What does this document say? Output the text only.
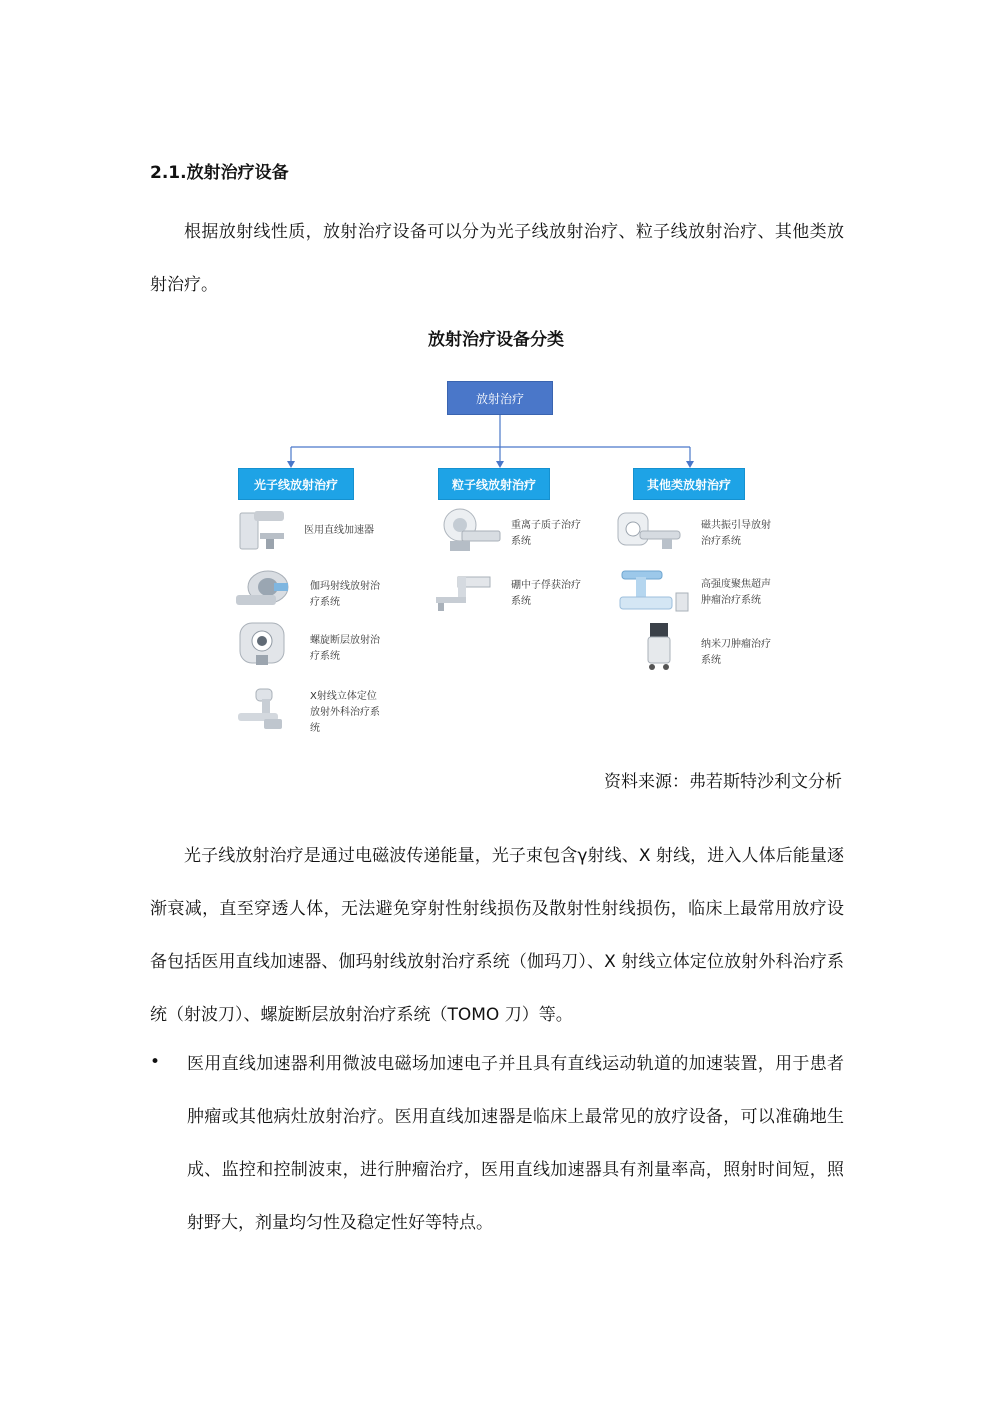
2.1.放射治疗设备

根据放射线性质，放射治疗设备可以分为光子线放射治疗、粒子线放射治疗、其他类放射治疗。

放射治疗设备分类
放射治疗
光子线放射治疗	粒子线放射治疗	其他类放射治疗
医用直线加速器
伽玛射线放射治疗系统
螺旋断层放射治疗系统
X射线立体定位放射外科治疗系统
重离子质子治疗系统
硼中子俘获治疗系统
磁共振引导放射治疗系统
高强度聚焦超声肿瘤治疗系统
纳米刀肿瘤治疗系统
资料来源：弗若斯特沙利文分析

光子线放射治疗是通过电磁波传递能量，光子束包含γ射线、X 射线，进入人体后能量逐渐衰减，直至穿透人体，无法避免穿射性射线损伤及散射性射线损伤，临床上最常用放疗设备包括医用直线加速器、伽玛射线放射治疗系统（伽玛刀）、X 射线立体定位放射外科治疗系统（射波刀）、螺旋断层放射治疗系统（TOMO 刀）等。

• 医用直线加速器利用微波电磁场加速电子并且具有直线运动轨道的加速装置，用于患者肿瘤或其他病灶放射治疗。医用直线加速器是临床上最常见的放疗设备，可以准确地生成、监控和控制波束，进行肿瘤治疗，医用直线加速器具有剂量率高，照射时间短，照射野大，剂量均匀性及稳定性好等特点。
